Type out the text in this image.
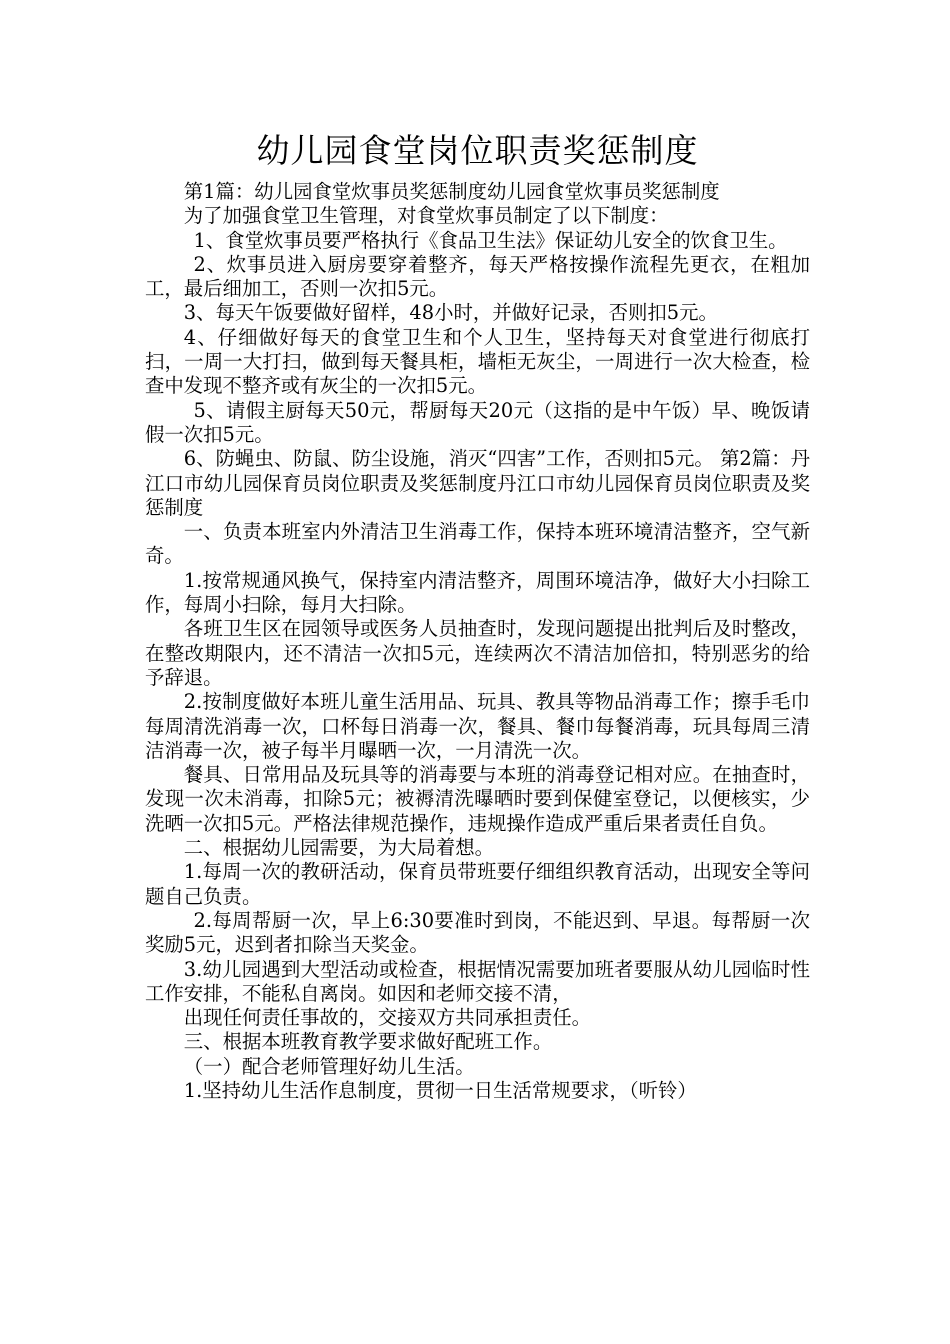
幼儿园食堂岗位职责奖惩制度

第1篇：幼儿园食堂炊事员奖惩制度幼儿园食堂炊事员奖惩制度

为了加强食堂卫生管理，对食堂炊事员制定了以下制度：

1、食堂炊事员要严格执行《食品卫生法》保证幼儿安全的饮食卫生。

2、炊事员进入厨房要穿着整齐，每天严格按操作流程先更衣，在粗加工，最后细加工，否则一次扣5元。

3、每天午饭要做好留样，48小时，并做好记录，否则扣5元。

4、仔细做好每天的食堂卫生和个人卫生，坚持每天对食堂进行彻底打扫，一周一大打扫，做到每天餐具柜，墙柜无灰尘，一周进行一次大检查，检查中发现不整齐或有灰尘的一次扣5元。

5、请假主厨每天50元，帮厨每天20元（这指的是中午饭）早、晚饭请假一次扣5元。

6、防蝇虫、防鼠、防尘设施，消灭“四害”工作，否则扣5元。 第2篇：丹江口市幼儿园保育员岗位职责及奖惩制度丹江口市幼儿园保育员岗位职责及奖惩制度

一、负责本班室内外清洁卫生消毒工作，保持本班环境清洁整齐，空气新奇。

1.按常规通风换气，保持室内清洁整齐，周围环境洁净，做好大小扫除工作，每周小扫除，每月大扫除。

各班卫生区在园领导或医务人员抽查时，发现问题提出批判后及时整改，在整改期限内，还不清洁一次扣5元，连续两次不清洁加倍扣，特别恶劣的给予辞退。

2.按制度做好本班儿童生活用品、玩具、教具等物品消毒工作；擦手毛巾每周清洗消毒一次，口杯每日消毒一次，餐具、餐巾每餐消毒，玩具每周三清洁消毒一次，被子每半月曝晒一次，一月清洗一次。

餐具、日常用品及玩具等的消毒要与本班的消毒登记相对应。在抽查时，发现一次未消毒，扣除5元；被褥清洗曝晒时要到保健室登记，以便核实，少洗晒一次扣5元。严格法律规范操作，违规操作造成严重后果者责任自负。

二、根据幼儿园需要，为大局着想。

1.每周一次的教研活动，保育员带班要仔细组织教育活动，出现安全等问题自己负责。

2.每周帮厨一次，早上6:30要准时到岗，不能迟到、早退。每帮厨一次奖励5元，迟到者扣除当天奖金。

3.幼儿园遇到大型活动或检查，根据情况需要加班者要服从幼儿园临时性工作安排，不能私自离岗。如因和老师交接不清，

出现任何责任事故的，交接双方共同承担责任。

三、根据本班教育教学要求做好配班工作。

（一）配合老师管理好幼儿生活。

1.坚持幼儿生活作息制度，贯彻一日生活常规要求，（听铃）
